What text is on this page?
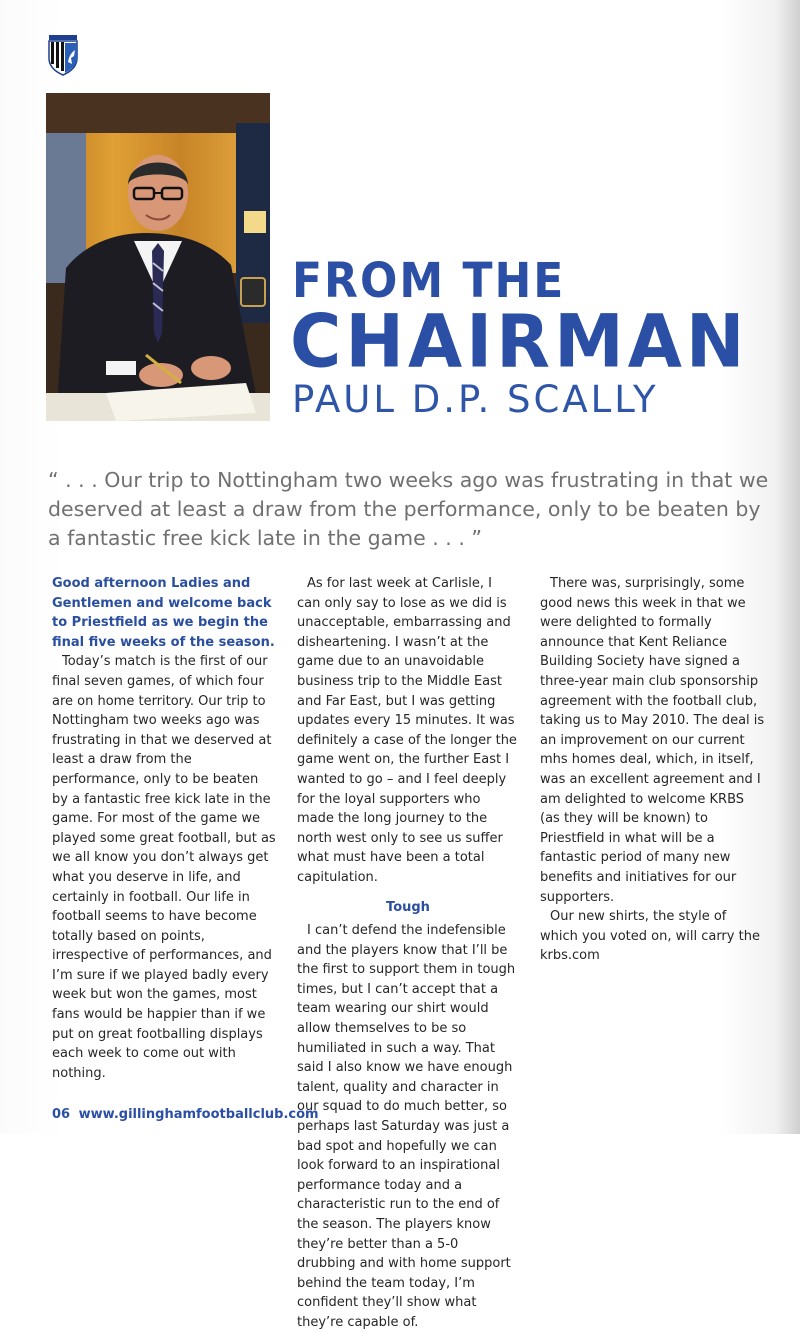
FROM THE
CHAIRMAN
PAUL D.P. SCALLY
“ . . . Our trip to Nottingham two weeks ago was frustrating in that we deserved at least a draw from the performance, only to be beaten by a fantastic free kick late in the game . . . ”

Good afternoon Ladies and Gentlemen and welcome back to Priestfield as we begin the final five weeks of the season.

Today’s match is the first of our final seven games, of which four are on home territory. Our trip to Nottingham two weeks ago was frustrating in that we deserved at least a draw from the performance, only to be beaten by a fantastic free kick late in the game. For most of the game we played some great football, but as we all know you don’t always get what you deserve in life, and certainly in football. Our life in football seems to have become totally based on points, irrespective of performances, and I’m sure if we played badly every week but won the games, most fans would be happier than if we put on great footballing displays each week to come out with nothing.

As for last week at Carlisle, I can only say to lose as we did is unacceptable, embarrassing and disheartening. I wasn’t at the game due to an unavoidable business trip to the Middle East and Far East, but I was getting updates every 15 minutes. It was definitely a case of the longer the game went on, the further East I wanted to go – and I feel deeply for the loyal supporters who made the long journey to the north west only to see us suffer what must have been a total capitulation.

Tough

I can’t defend the indefensible and the players know that I’ll be the first to support them in tough times, but I can’t accept that a team wearing our shirt would allow themselves to be so humiliated in such a way. That said I also know we have enough talent, quality and character in our squad to do much better, so perhaps last Saturday was just a bad spot and hopefully we can look forward to an inspirational performance today and a characteristic run to the end of the season. The players know they’re better than a 5-0 drubbing and with home support behind the team today, I’m confident they’ll show what they’re capable of.

There was, surprisingly, some good news this week in that we were delighted to formally announce that Kent Reliance Building Society have signed a three-year main club sponsorship agreement with the football club, taking us to May 2010. The deal is an improvement on our current mhs homes deal, which, in itself, was an excellent agreement and I am delighted to welcome KRBS (as they will be known) to Priestfield in what will be a fantastic period of many new benefits and initiatives for our supporters.

Our new shirts, the style of which you voted on, will carry the krbs.com

06 www.gillinghamfootballclub.com
